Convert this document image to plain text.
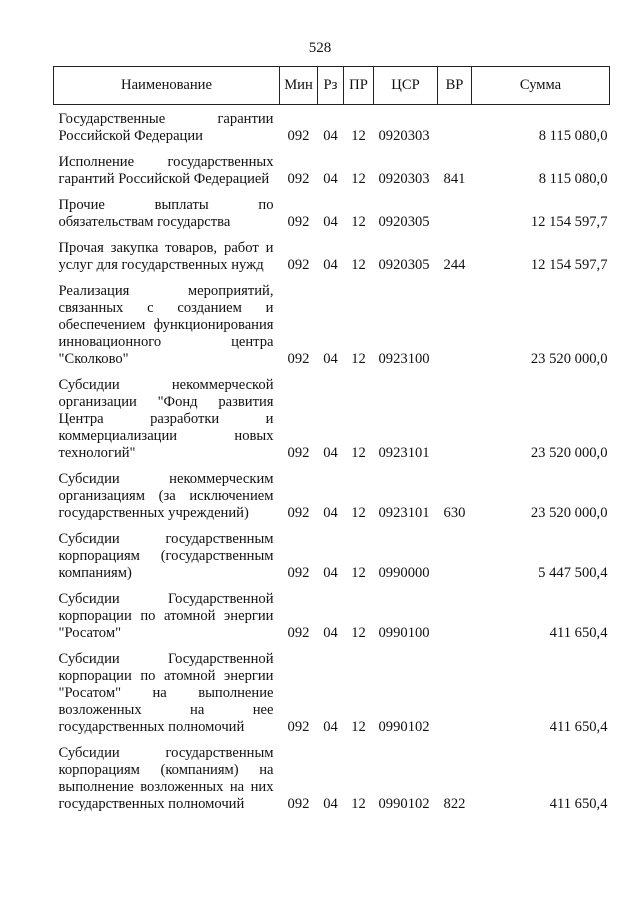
528
Наименование	Мин	Рз	ПР	ЦСР	ВР	Сумма
Государственные гарантии Российской Федерации	092	04	12	0920303		8 115 080,0
Исполнение государственных гарантий Российской Федерацией	092	04	12	0920303	841	8 115 080,0
Прочие выплаты по обязательствам государства	092	04	12	0920305		12 154 597,7
Прочая закупка товаров, работ и услуг для государственных нужд	092	04	12	0920305	244	12 154 597,7
Реализация мероприятий, связанных с созданием и обеспечением функционирования инновационного центра "Сколково"	092	04	12	0923100		23 520 000,0
Субсидии некоммерческой организации "Фонд развития Центра разработки и коммерциализации новых технологий"	092	04	12	0923101		23 520 000,0
Субсидии некоммерческим организациям (за исключением государственных учреждений)	092	04	12	0923101	630	23 520 000,0
Субсидии государственным корпорациям (государственным компаниям)	092	04	12	0990000		5 447 500,4
Субсидии Государственной корпорации по атомной энергии "Росатом"	092	04	12	0990100		411 650,4
Субсидии Государственной корпорации по атомной энергии "Росатом" на выполнение возложенных на нее государственных полномочий	092	04	12	0990102		411 650,4
Субсидии государственным корпорациям (компаниям) на выполнение возложенных на них государственных полномочий	092	04	12	0990102	822	411 650,4
